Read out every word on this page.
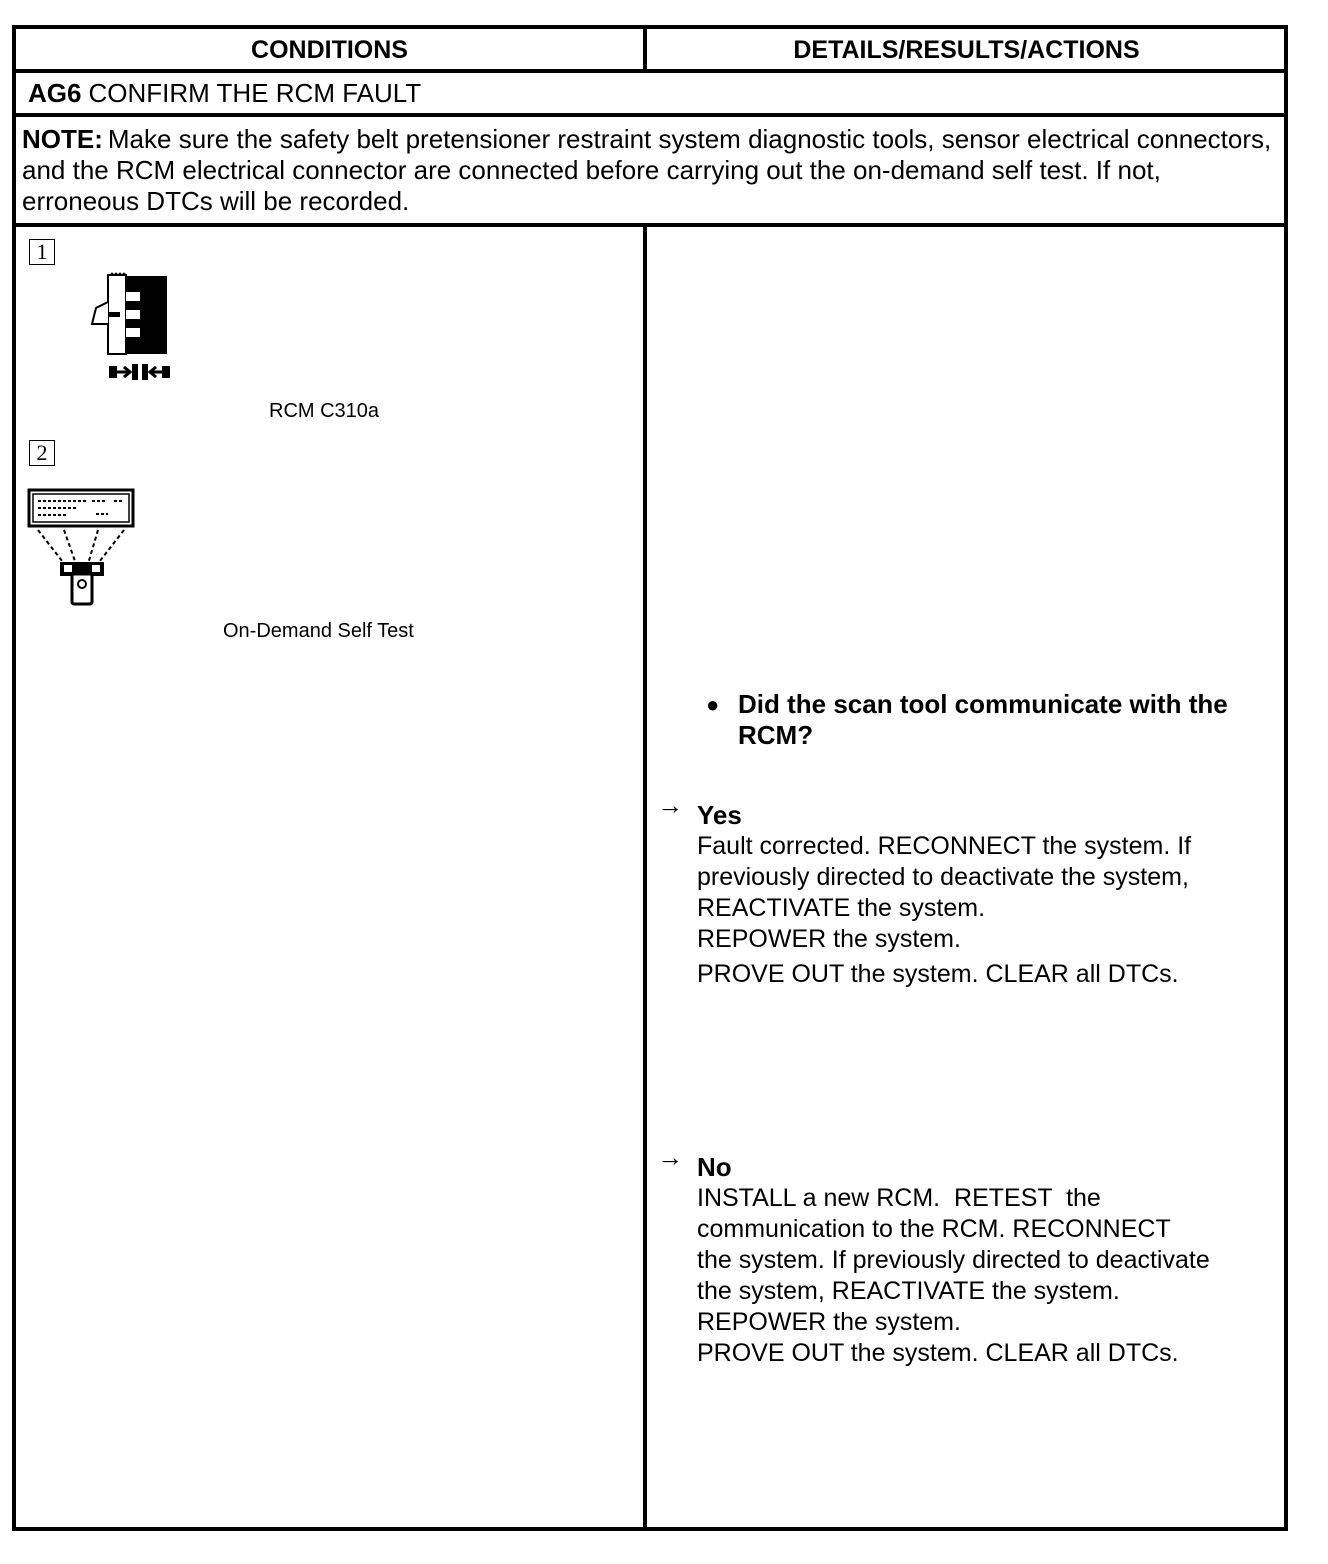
CONDITIONS	DETAILS/RESULTS/ACTIONS
AG6 CONFIRM THE RCM FAULT
NOTE: Make sure the safety belt pretensioner restraint system diagnostic tools, sensor electrical connectors, and the RCM electrical connector are connected before carrying out the on-demand self test. If not, erroneous DTCs will be recorded.
1
RCM C310a
2
On-Demand Self Test
● Did the scan tool communicate with the RCM?
→ Yes
Fault corrected. RECONNECT the system. If
previously directed to deactivate the system,
REACTIVATE the system.
REPOWER the system.
PROVE OUT the system. CLEAR all DTCs.
→ No
INSTALL a new RCM.  RETEST  the
communication to the RCM. RECONNECT
the system. If previously directed to deactivate
the system, REACTIVATE the system.
REPOWER the system.
PROVE OUT the system. CLEAR all DTCs.
